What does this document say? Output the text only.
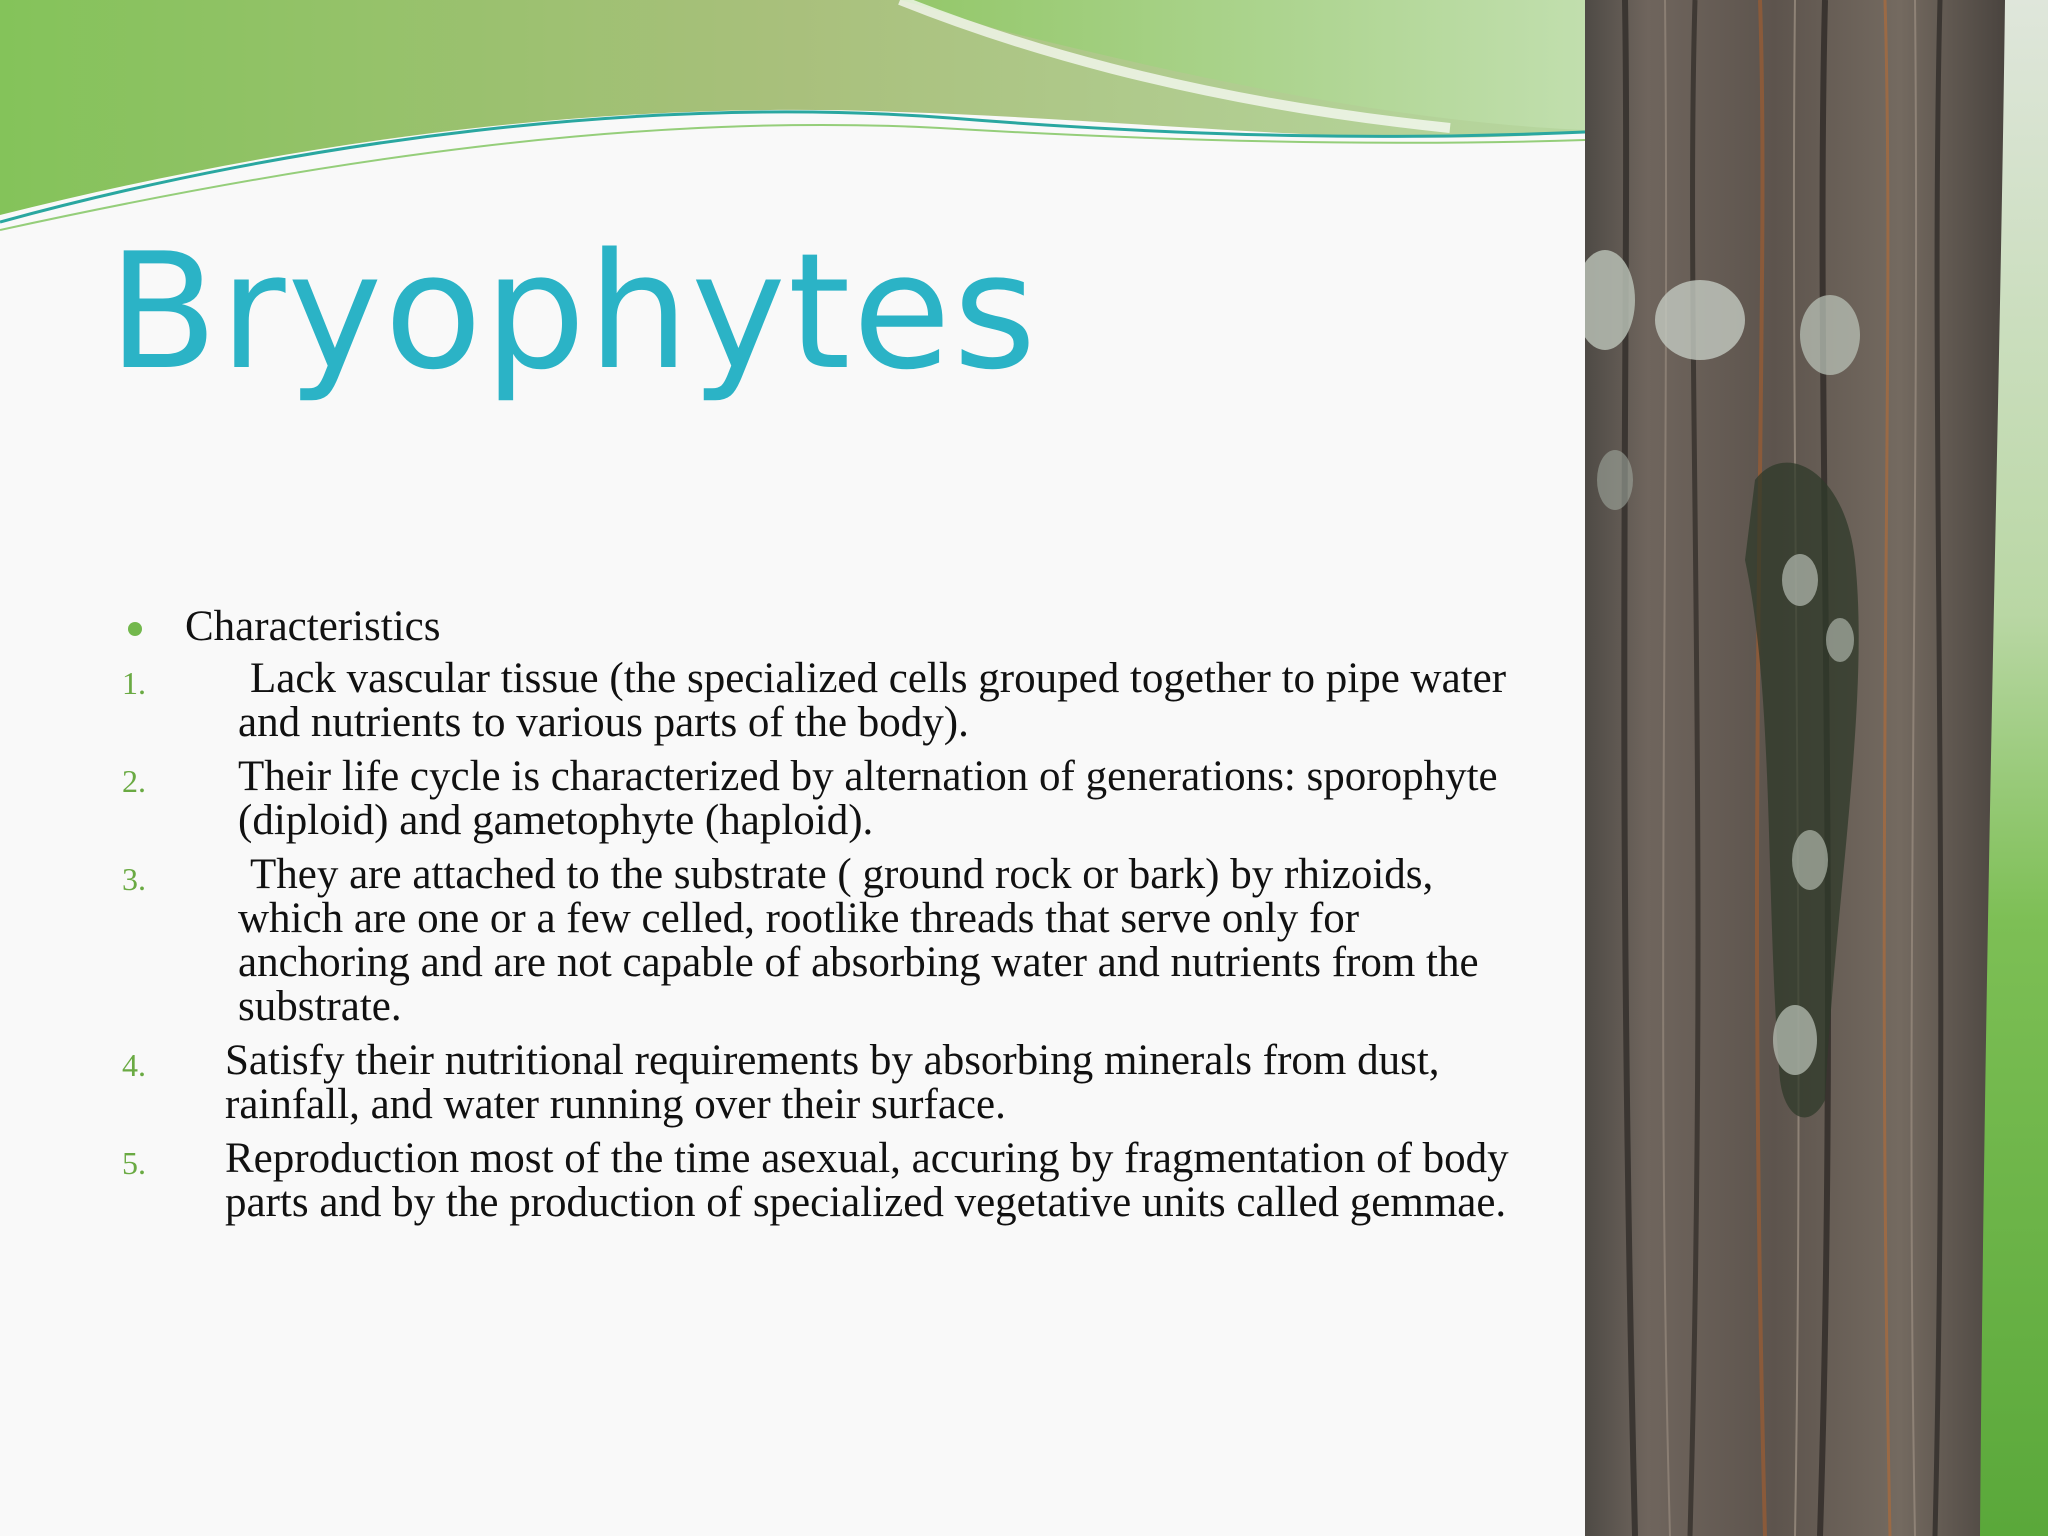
Bryophytes
Characteristics
1. Lack vascular tissue (the specialized cells grouped together to pipe water and nutrients to various parts of the body).
2. Their life cycle is characterized by alternation of generations: sporophyte (diploid) and gametophyte (haploid).
3. They are attached to the substrate ( ground rock or bark) by rhizoids, which are one or a few celled, rootlike threads that serve only for anchoring and are not capable of absorbing water and nutrients from the substrate.
4. Satisfy their nutritional requirements by absorbing minerals from dust, rainfall, and water running over their surface.
5. Reproduction most of the time asexual, accuring by fragmentation of body parts and by the production of specialized vegetative units called gemmae.
